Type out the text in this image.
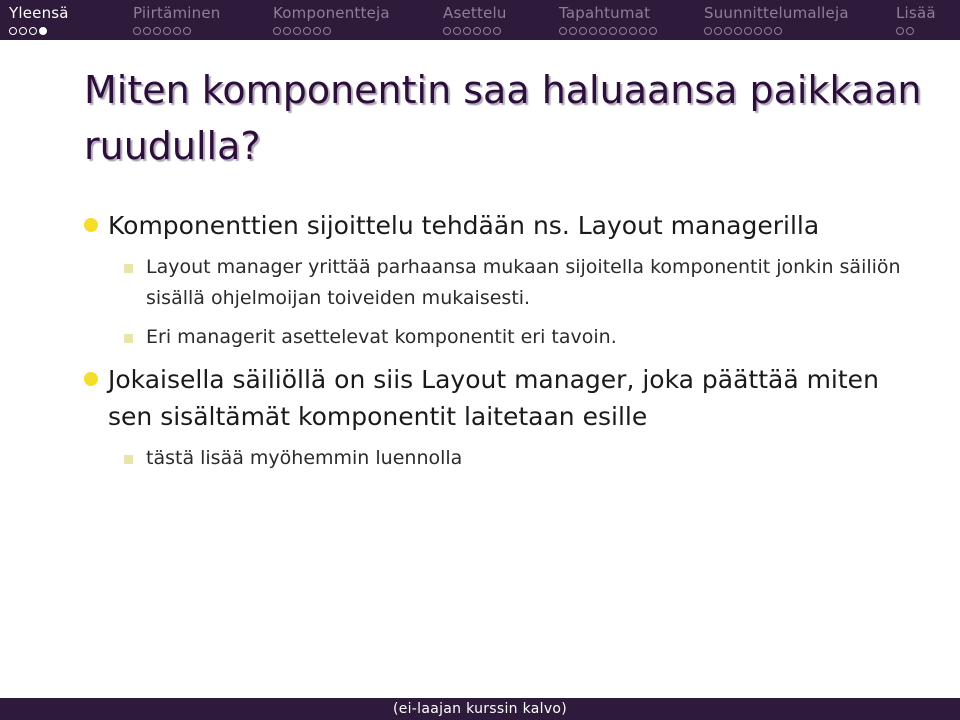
Yleensä	Piirtäminen	Komponentteja	Asettelu	Tapahtumat	Suunnittelumalleja	Lisää
Miten komponentin saa haluaansa paikkaan ruudulla?
Komponenttien sijoittelu tehdään ns. Layout managerilla
Layout manager yrittää parhaansa mukaan sijoitella komponentit jonkin säiliön sisällä ohjelmoijan toiveiden mukaisesti.
Eri managerit asettelevat komponentit eri tavoin.
Jokaisella säiliöllä on siis Layout manager, joka päättää miten sen sisältämät komponentit laitetaan esille
tästä lisää myöhemmin luennolla
(ei-laajan kurssin kalvo)
